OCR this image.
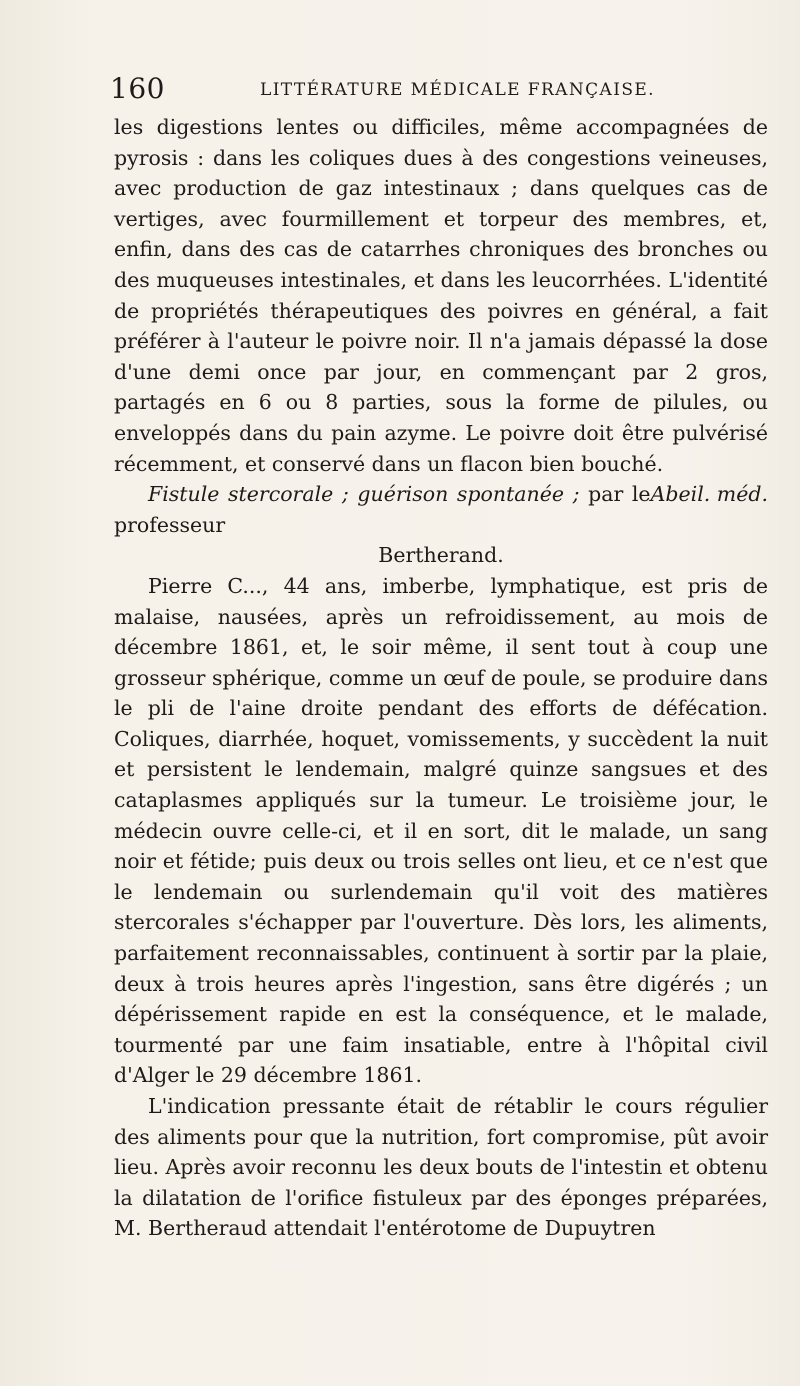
160	LITTÉRATURE MÉDICALE FRANÇAISE.

les digestions lentes ou difficiles, même accompagnées de pyrosis : dans les coliques dues à des congestions veineuses, avec production de gaz intestinaux ; dans quelques cas de vertiges, avec fourmillement et torpeur des membres, et, enfin, dans des cas de catarrhes chroniques des bronches ou des muqueuses intestinales, et dans les leucorrhées. L'identité de propriétés thérapeutiques des poivres en général, a fait préférer à l'auteur le poivre noir. Il n'a jamais dépassé la dose d'une demi once par jour, en commençant par 2 gros, partagés en 6 ou 8 parties, sous la forme de pilules, ou enveloppés dans du pain azyme. Le poivre doit être pulvérisé récemment, et conservé dans un flacon bien bouché.
Abeil. méd.

Fistule stercorale ; guérison spontanée ; par le professeur

Bertherand.

Pierre C..., 44 ans, imberbe, lymphatique, est pris de malaise, nausées, après un refroidissement, au mois de décembre 1861, et, le soir même, il sent tout à coup une grosseur sphérique, comme un œuf de poule, se produire dans le pli de l'aine droite pendant des efforts de défécation. Coliques, diarrhée, hoquet, vomissements, y succèdent la nuit et persistent le lendemain, malgré quinze sangsues et des cataplasmes appliqués sur la tumeur. Le troisième jour, le médecin ouvre celle-ci, et il en sort, dit le malade, un sang noir et fétide; puis deux ou trois selles ont lieu, et ce n'est que le lendemain ou surlendemain qu'il voit des matières stercorales s'échapper par l'ouverture. Dès lors, les aliments, parfaitement reconnaissables, continuent à sortir par la plaie, deux à trois heures après l'ingestion, sans être digérés ; un dépérissement rapide en est la conséquence, et le malade, tourmenté par une faim insatiable, entre à l'hôpital civil d'Alger le 29 décembre 1861.

L'indication pressante était de rétablir le cours régulier des aliments pour que la nutrition, fort compromise, pût avoir lieu. Après avoir reconnu les deux bouts de l'intestin et obtenu la dilatation de l'orifice fistuleux par des éponges préparées, M. Bertheraud attendait l'entérotome de Dupuytren
